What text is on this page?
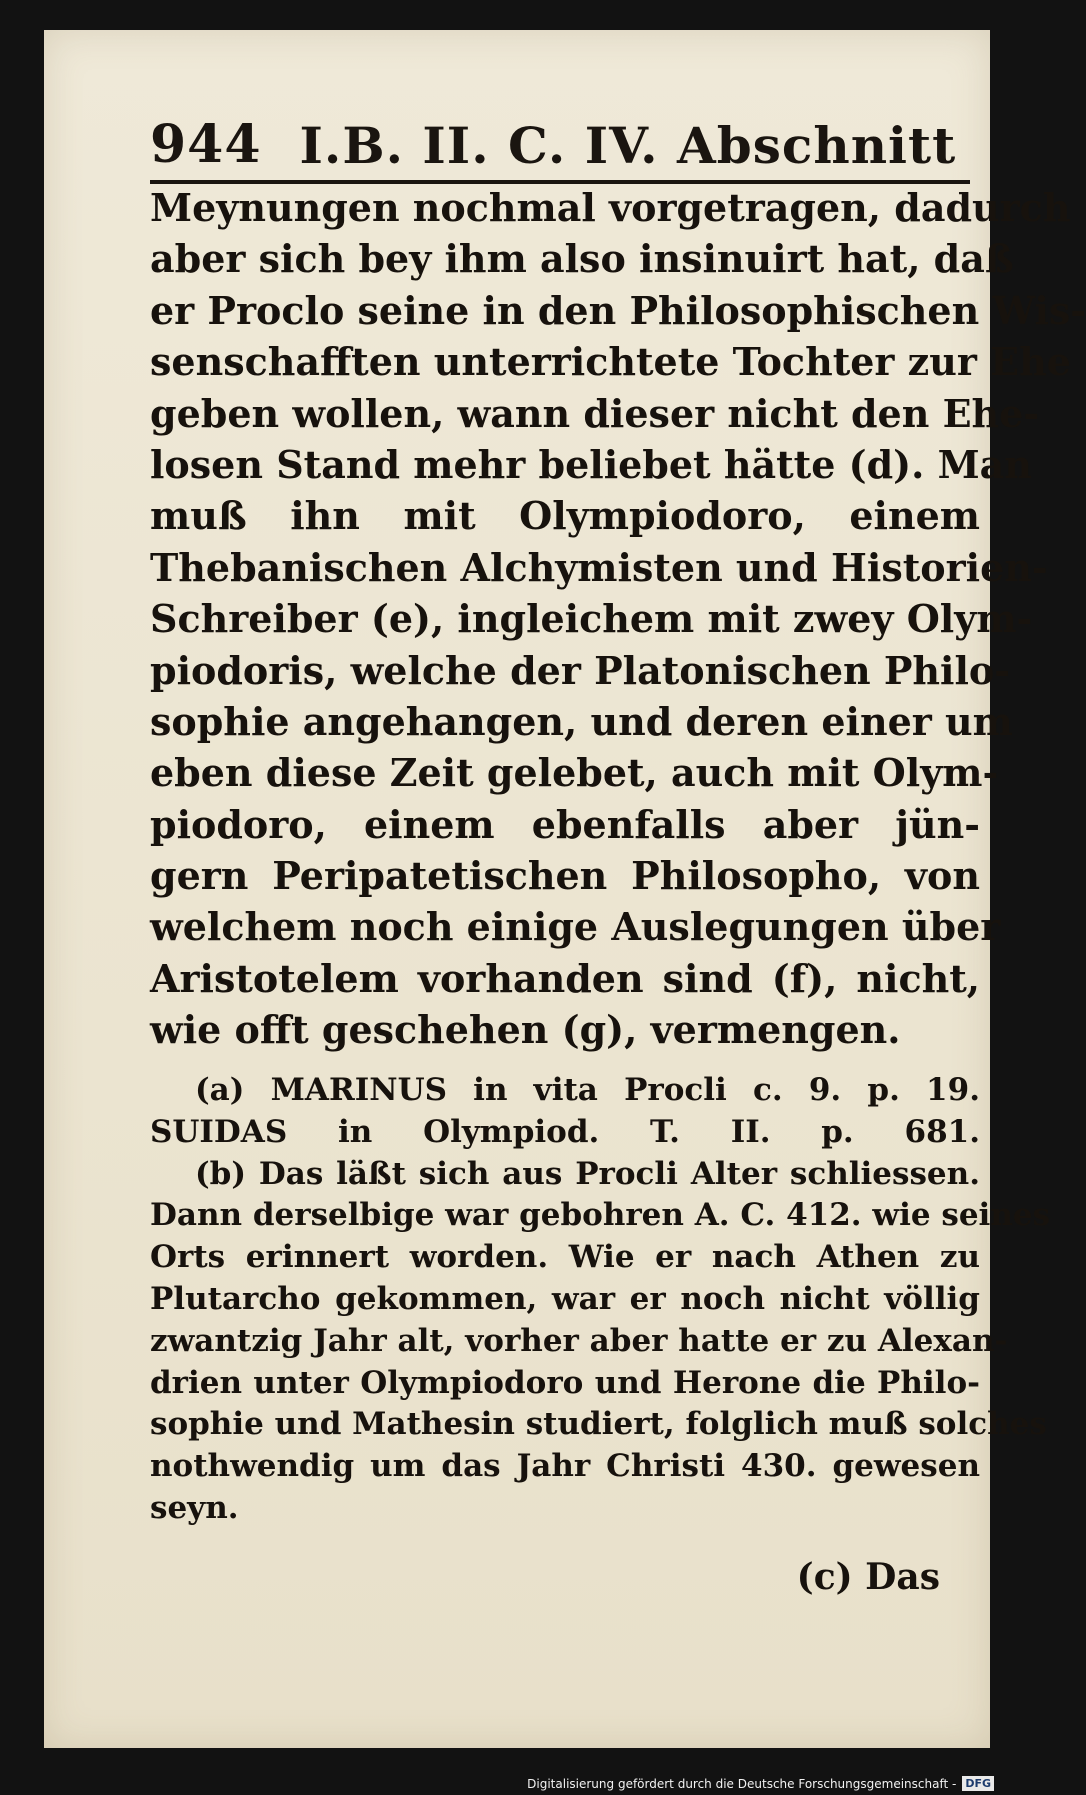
944 I.B. II. C. IV. Abschnitt
Meynungen nochmal vorgetragen, dadurch
aber sich bey ihm also insinuirt hat, daß
er Proclo seine in den Philosophischen Wis-
senschafften unterrichtete Tochter zur Ehe
geben wollen, wann dieser nicht den Ehe-
losen Stand mehr beliebet hätte (d). Man
muß ihn mit Olympiodoro, einem
Thebanischen Alchymisten und Historien-
Schreiber (e), ingleichem mit zwey Olym-
piodoris, welche der Platonischen Philo-
sophie angehangen, und deren einer um
eben diese Zeit gelebet, auch mit Olym-
piodoro, einem ebenfalls aber jün-
gern Peripatetischen Philosopho, von
welchem noch einige Auslegungen über
Aristotelem vorhanden sind (f), nicht,
wie offt geschehen (g), vermengen.
(a) MARINUS in vita Procli c. 9. p. 19.
SUIDAS in Olympiod. T. II. p. 681.
(b) Das läßt sich aus Procli Alter schliessen.
Dann derselbige war gebohren A. C. 412. wie seines
Orts erinnert worden. Wie er nach Athen zu
Plutarcho gekommen, war er noch nicht völlig
zwantzig Jahr alt, vorher aber hatte er zu Alexan-
drien unter Olympiodoro und Herone die Philo-
sophie und Mathesin studiert, folglich muß solches
nothwendig um das Jahr Christi 430. gewesen
seyn.
(c) Das
Digitalisierung gefördert durch die Deutsche Forschungsgemeinschaft - DFG
